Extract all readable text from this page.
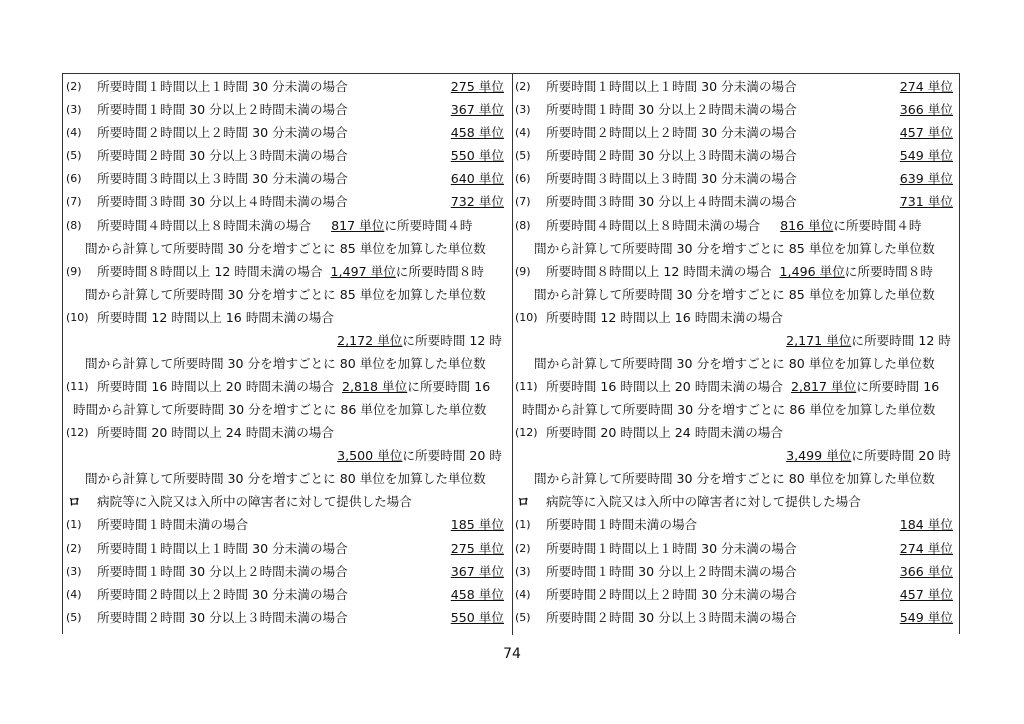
(2) 所要時間１時間以上１時間 30 分未満の場合	275 単位
(3) 所要時間１時間 30 分以上２時間未満の場合	367 単位
(4) 所要時間２時間以上２時間 30 分未満の場合	458 単位
(5) 所要時間２時間 30 分以上３時間未満の場合	550 単位
(6) 所要時間３時間以上３時間 30 分未満の場合	640 単位
(7) 所要時間３時間 30 分以上４時間未満の場合	732 単位
(8) 所要時間４時間以上８時間未満の場合 817 単位に所要時間４時
間から計算して所要時間 30 分を増すごとに 85 単位を加算した単位数
(9) 所要時間８時間以上 12 時間未満の場合 1,497 単位に所要時間８時
間から計算して所要時間 30 分を増すごとに 85 単位を加算した単位数
(10) 所要時間 12 時間以上 16 時間未満の場合
2,172 単位に所要時間 12 時
間から計算して所要時間 30 分を増すごとに 80 単位を加算した単位数
(11) 所要時間 16 時間以上 20 時間未満の場合 2,818 単位に所要時間 16
時間から計算して所要時間 30 分を増すごとに 86 単位を加算した単位数
(12) 所要時間 20 時間以上 24 時間未満の場合
3,500 単位に所要時間 20 時
間から計算して所要時間 30 分を増すごとに 80 単位を加算した単位数
ロ 病院等に入院又は入所中の障害者に対して提供した場合
(1) 所要時間１時間未満の場合	185 単位
(2) 所要時間１時間以上１時間 30 分未満の場合	275 単位
(3) 所要時間１時間 30 分以上２時間未満の場合	367 単位
(4) 所要時間２時間以上２時間 30 分未満の場合	458 単位
(5) 所要時間２時間 30 分以上３時間未満の場合	550 単位
(2) 所要時間１時間以上１時間 30 分未満の場合	274 単位
(3) 所要時間１時間 30 分以上２時間未満の場合	366 単位
(4) 所要時間２時間以上２時間 30 分未満の場合	457 単位
(5) 所要時間２時間 30 分以上３時間未満の場合	549 単位
(6) 所要時間３時間以上３時間 30 分未満の場合	639 単位
(7) 所要時間３時間 30 分以上４時間未満の場合	731 単位
(8) 所要時間４時間以上８時間未満の場合 816 単位に所要時間４時
間から計算して所要時間 30 分を増すごとに 85 単位を加算した単位数
(9) 所要時間８時間以上 12 時間未満の場合 1,496 単位に所要時間８時
間から計算して所要時間 30 分を増すごとに 85 単位を加算した単位数
(10) 所要時間 12 時間以上 16 時間未満の場合
2,171 単位に所要時間 12 時
間から計算して所要時間 30 分を増すごとに 80 単位を加算した単位数
(11) 所要時間 16 時間以上 20 時間未満の場合 2,817 単位に所要時間 16
時間から計算して所要時間 30 分を増すごとに 86 単位を加算した単位数
(12) 所要時間 20 時間以上 24 時間未満の場合
3,499 単位に所要時間 20 時
間から計算して所要時間 30 分を増すごとに 80 単位を加算した単位数
ロ 病院等に入院又は入所中の障害者に対して提供した場合
(1) 所要時間１時間未満の場合	184 単位
(2) 所要時間１時間以上１時間 30 分未満の場合	274 単位
(3) 所要時間１時間 30 分以上２時間未満の場合	366 単位
(4) 所要時間２時間以上２時間 30 分未満の場合	457 単位
(5) 所要時間２時間 30 分以上３時間未満の場合	549 単位
74
